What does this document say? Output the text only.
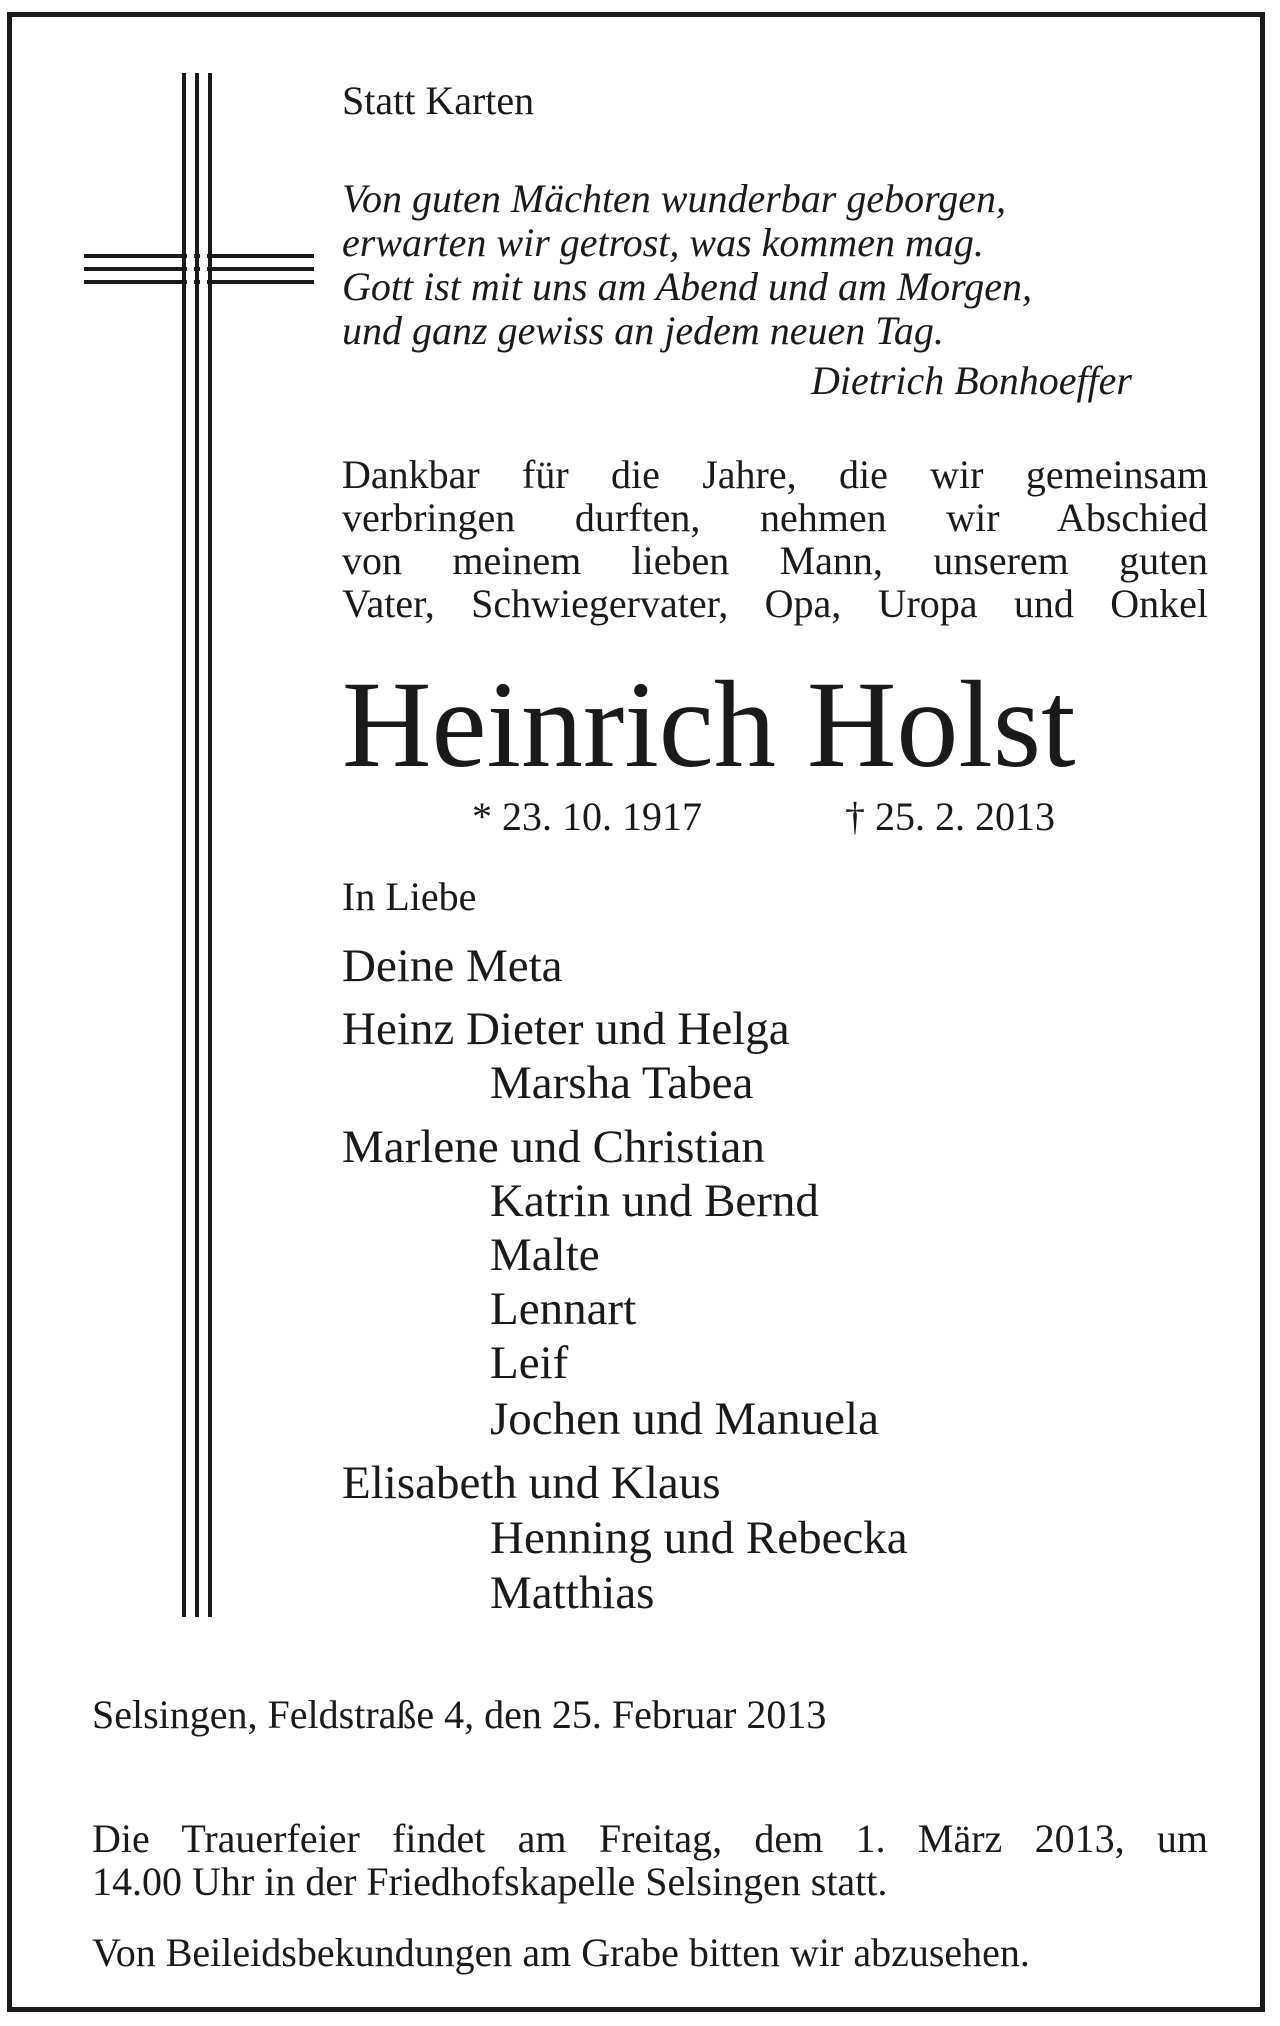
Statt Karten

Von guten Mächten wunderbar geborgen,
erwarten wir getrost, was kommen mag.
Gott ist mit uns am Abend und am Morgen,
und ganz gewiss an jedem neuen Tag.

Dietrich Bonhoeffer

Dankbar für die Jahre, die wir gemeinsam
verbringen durften, nehmen wir Abschied
von meinem lieben Mann, unserem guten
Vater, Schwiegervater, Opa, Uropa und Onkel
Heinrich Holst

* 23. 10. 1917	† 25. 2. 2013

In Liebe

Deine Meta

Heinz Dieter und Helga

Marsha Tabea

Marlene und Christian

Katrin und Bernd

Malte

Lennart

Leif

Jochen und Manuela

Elisabeth und Klaus

Henning und Rebecka

Matthias

Selsingen, Feldstraße 4, den 25. Februar 2013

Die Trauerfeier findet am Freitag, dem 1. März 2013, um
14.00 Uhr in der Friedhofskapelle Selsingen statt.

Von Beileidsbekundungen am Grabe bitten wir abzusehen.
